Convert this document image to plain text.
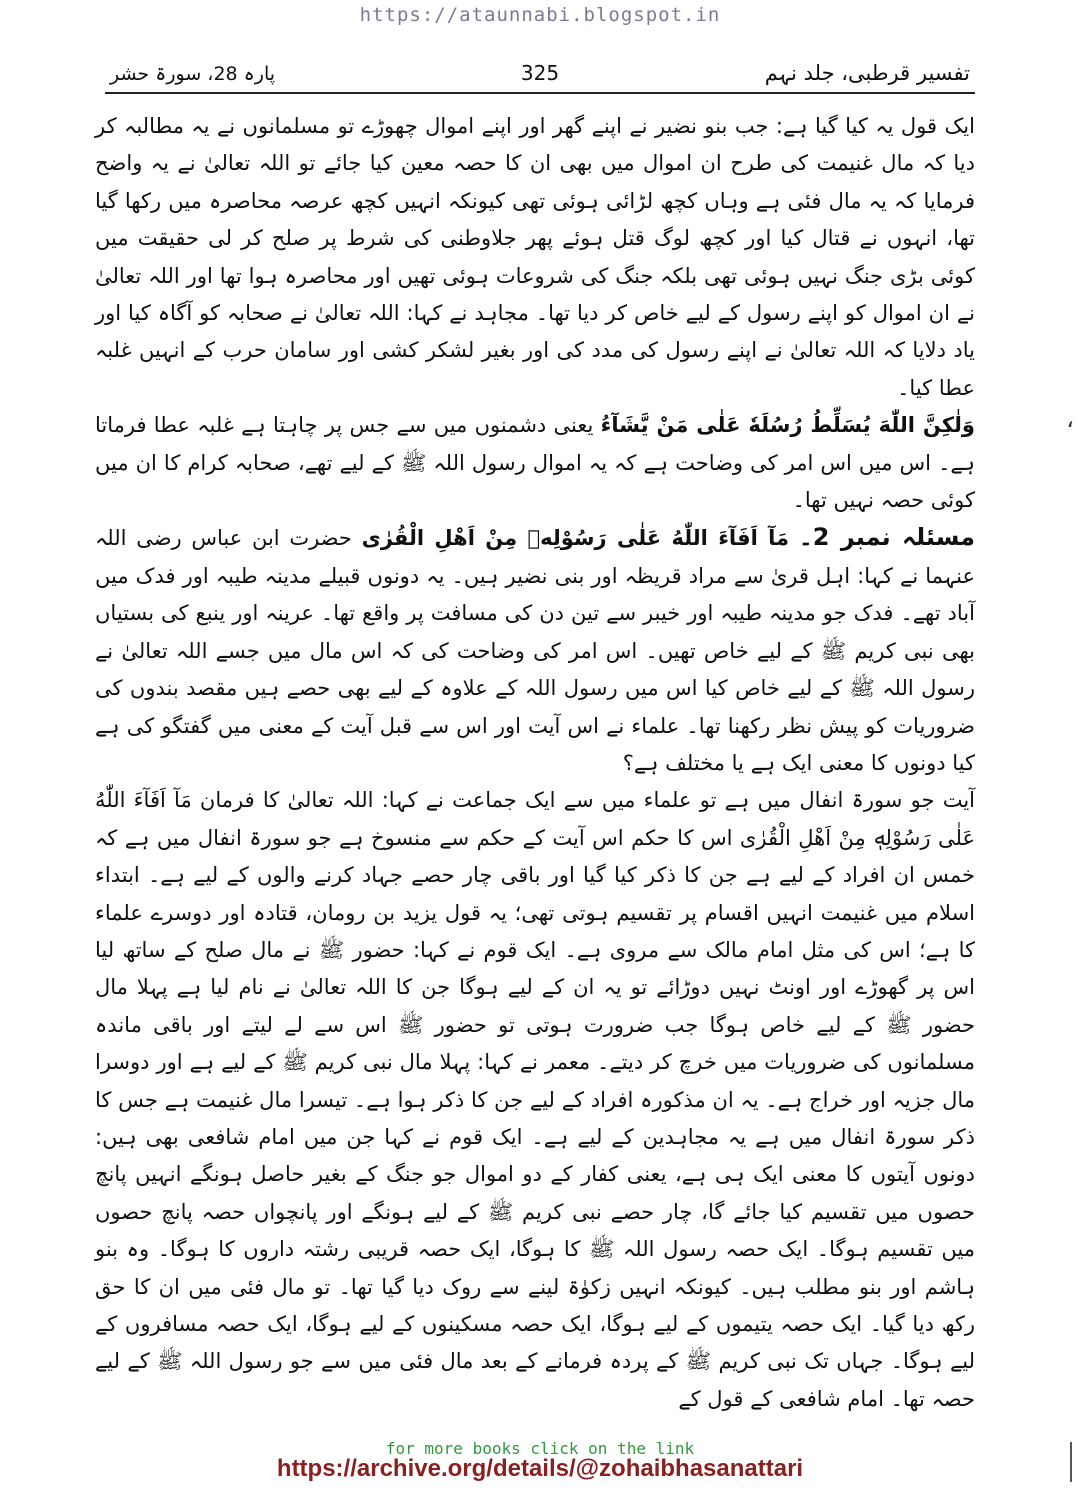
https://ataunnabi.blogspot.in
پارہ 28، سورۃ حشر	325	تفسیر قرطبی، جلد نہم

ایک قول یہ کیا گیا ہے: جب بنو نضیر نے اپنے گھر اور اپنے اموال چھوڑے تو مسلمانوں نے یہ مطالبہ کر دیا کہ مال غنیمت کی طرح ان اموال میں بھی ان کا حصہ معین کیا جائے تو اللہ تعالیٰ نے یہ واضح فرمایا کہ یہ مال فئی ہے وہاں کچھ لڑائی ہوئی تھی کیونکہ انہیں کچھ عرصہ محاصرہ میں رکھا گیا تھا، انہوں نے قتال کیا اور کچھ لوگ قتل ہوئے پھر جلاوطنی کی شرط پر صلح کر لی حقیقت میں کوئی بڑی جنگ نہیں ہوئی تھی بلکہ جنگ کی شروعات ہوئی تھیں اور محاصرہ ہوا تھا اور اللہ تعالیٰ نے ان اموال کو اپنے رسول کے لیے خاص کر دیا تھا۔ مجاہد نے کہا: اللہ تعالیٰ نے صحابہ کو آگاہ کیا اور یاد دلایا کہ اللہ تعالیٰ نے اپنے رسول کی مدد کی اور بغیر لشکر کشی اور سامان حرب کے انہیں غلبہ عطا کیا۔

وَلٰكِنَّ اللّٰهَ يُسَلِّطُ رُسُلَهٗ عَلٰى مَنْ يَّشَآءُ یعنی دشمنوں میں سے جس پر چاہتا ہے غلبہ عطا فرماتا ہے۔ اس میں اس امر کی وضاحت ہے کہ یہ اموال رسول اللہ ﷺ کے لیے تھے، صحابہ کرام کا ان میں کوئی حصہ نہیں تھا۔

مسئلہ نمبر 2۔ مَآ اَفَآءَ اللّٰهُ عَلٰى رَسُوْلِهٖ مِنْ اَهْلِ الْقُرٰى حضرت ابن عباس رضی اللہ عنہما نے کہا: اہل قریٰ سے مراد قریظہ اور بنی نضیر ہیں۔ یہ دونوں قبیلے مدینہ طیبہ اور فدک میں آباد تھے۔ فدک جو مدینہ طیبہ اور خیبر سے تین دن کی مسافت پر واقع تھا۔ عرینہ اور ینبع کی بستیاں بھی نبی کریم ﷺ کے لیے خاص تھیں۔ اس امر کی وضاحت کی کہ اس مال میں جسے اللہ تعالیٰ نے رسول اللہ ﷺ کے لیے خاص کیا اس میں رسول اللہ کے علاوہ کے لیے بھی حصے ہیں مقصد بندوں کی ضروریات کو پیش نظر رکھنا تھا۔ علماء نے اس آیت اور اس سے قبل آیت کے معنی میں گفتگو کی ہے کیا دونوں کا معنی ایک ہے یا مختلف ہے؟

آیت جو سورۃ انفال میں ہے تو علماء میں سے ایک جماعت نے کہا: اللہ تعالیٰ کا فرمان مَآ اَفَآءَ اللّٰهُ عَلٰى رَسُوْلِهٖ مِنْ اَهْلِ الْقُرٰى اس کا حکم اس آیت کے حکم سے منسوخ ہے جو سورۃ انفال میں ہے کہ خمس ان افراد کے لیے ہے جن کا ذکر کیا گیا اور باقی چار حصے جہاد کرنے والوں کے لیے ہے۔ ابتداء اسلام میں غنیمت انہیں اقسام پر تقسیم ہوتی تھی؛ یہ قول یزید بن رومان، قتادہ اور دوسرے علماء کا ہے؛ اس کی مثل امام مالک سے مروی ہے۔ ایک قوم نے کہا: حضور ﷺ نے مال صلح کے ساتھ لیا اس پر گھوڑے اور اونٹ نہیں دوڑائے تو یہ ان کے لیے ہوگا جن کا اللہ تعالیٰ نے نام لیا ہے پہلا مال حضور ﷺ کے لیے خاص ہوگا جب ضرورت ہوتی تو حضور ﷺ اس سے لے لیتے اور باقی ماندہ مسلمانوں کی ضروریات میں خرچ کر دیتے۔ معمر نے کہا: پہلا مال نبی کریم ﷺ کے لیے ہے اور دوسرا مال جزیہ اور خراج ہے۔ یہ ان مذکورہ افراد کے لیے جن کا ذکر ہوا ہے۔ تیسرا مال غنیمت ہے جس کا ذکر سورۃ انفال میں ہے یہ مجاہدین کے لیے ہے۔ ایک قوم نے کہا جن میں امام شافعی بھی ہیں: دونوں آیتوں کا معنی ایک ہی ہے، یعنی کفار کے دو اموال جو جنگ کے بغیر حاصل ہونگے انہیں پانچ حصوں میں تقسیم کیا جائے گا، چار حصے نبی کریم ﷺ کے لیے ہونگے اور پانچواں حصہ پانچ حصوں میں تقسیم ہوگا۔ ایک حصہ رسول اللہ ﷺ کا ہوگا، ایک حصہ قریبی رشتہ داروں کا ہوگا۔ وہ بنو ہاشم اور بنو مطلب ہیں۔ کیونکہ انہیں زکوٰۃ لینے سے روک دیا گیا تھا۔ تو مال فئی میں ان کا حق رکھ دیا گیا۔ ایک حصہ یتیموں کے لیے ہوگا، ایک حصہ مسکینوں کے لیے ہوگا، ایک حصہ مسافروں کے لیے ہوگا۔ جہاں تک نبی کریم ﷺ کے پردہ فرمانے کے بعد مال فئی میں سے جو رسول اللہ ﷺ کے لیے حصہ تھا۔ امام شافعی کے قول کے

،
for more books click on the link
https://archive.org/details/@zohaibhasanattari
